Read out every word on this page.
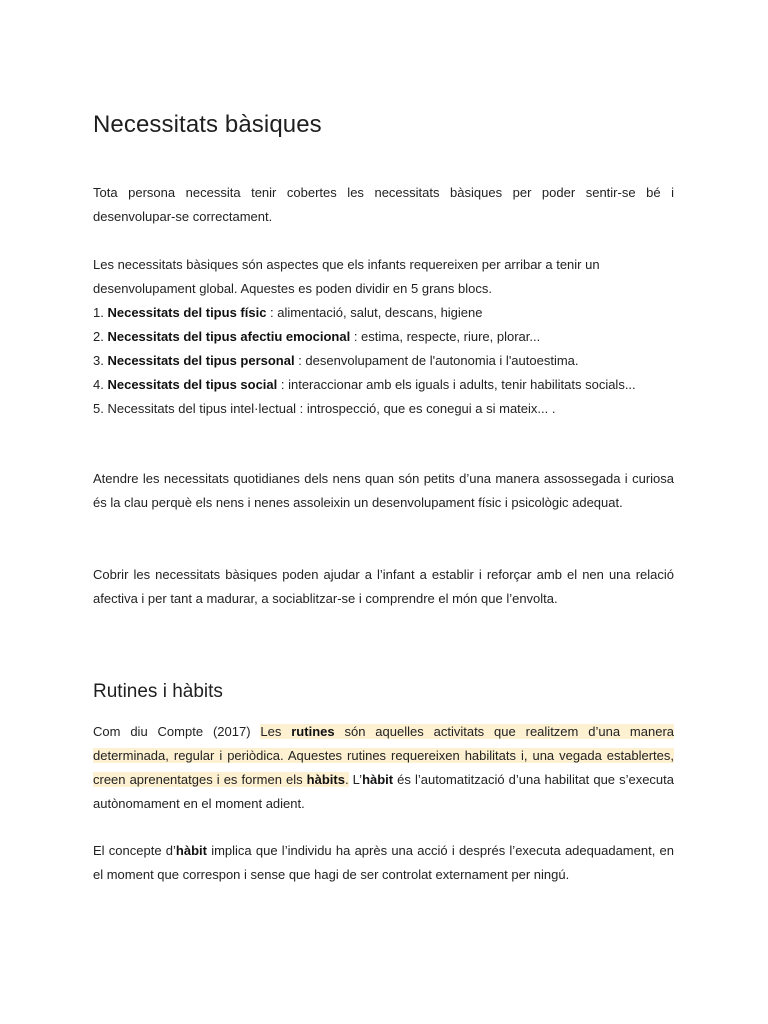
Necessitats bàsiques

Tota persona necessita tenir cobertes les necessitats bàsiques per poder sentir-se bé i desenvolupar-se correctament.

Les necessitats bàsiques són aspectes que els infants requereixen per arribar a tenir un desenvolupament global. Aquestes es poden dividir en 5 grans blocs.
1. Necessitats del tipus físic : alimentació, salut, descans, higiene
2. Necessitats del tipus afectiu emocional : estima, respecte, riure, plorar...
3. Necessitats del tipus personal : desenvolupament de l'autonomia i l'autoestima.
4. Necessitats del tipus social : interaccionar amb els iguals i adults, tenir habilitats socials...
5. Necessitats del tipus intel·lectual : introspecció, que es conegui a si mateix... .

Atendre les necessitats quotidianes dels nens quan són petits d’una manera assossegada i curiosa és la clau perquè els nens i nenes assoleixin un desenvolupament físic i psicològic adequat.

Cobrir les necessitats bàsiques poden ajudar a l’infant a establir i reforçar amb el nen una relació afectiva i per tant a madurar, a sociablitzar-se i comprendre el món que l’envolta.

Rutines i hàbits

Com diu Compte (2017) Les rutines són aquelles activitats que realitzem d’una manera determinada, regular i periòdica. Aquestes rutines requereixen habilitats i, una vegada establertes, creen aprenentatges i es formen els hàbits. L’hàbit és l’automatització d’una habilitat que s’executa autònomament en el moment adient.

El concepte d’hàbit implica que l’individu ha après una acció i després l’executa adequadament, en el moment que correspon i sense que hagi de ser controlat externament per ningú.
